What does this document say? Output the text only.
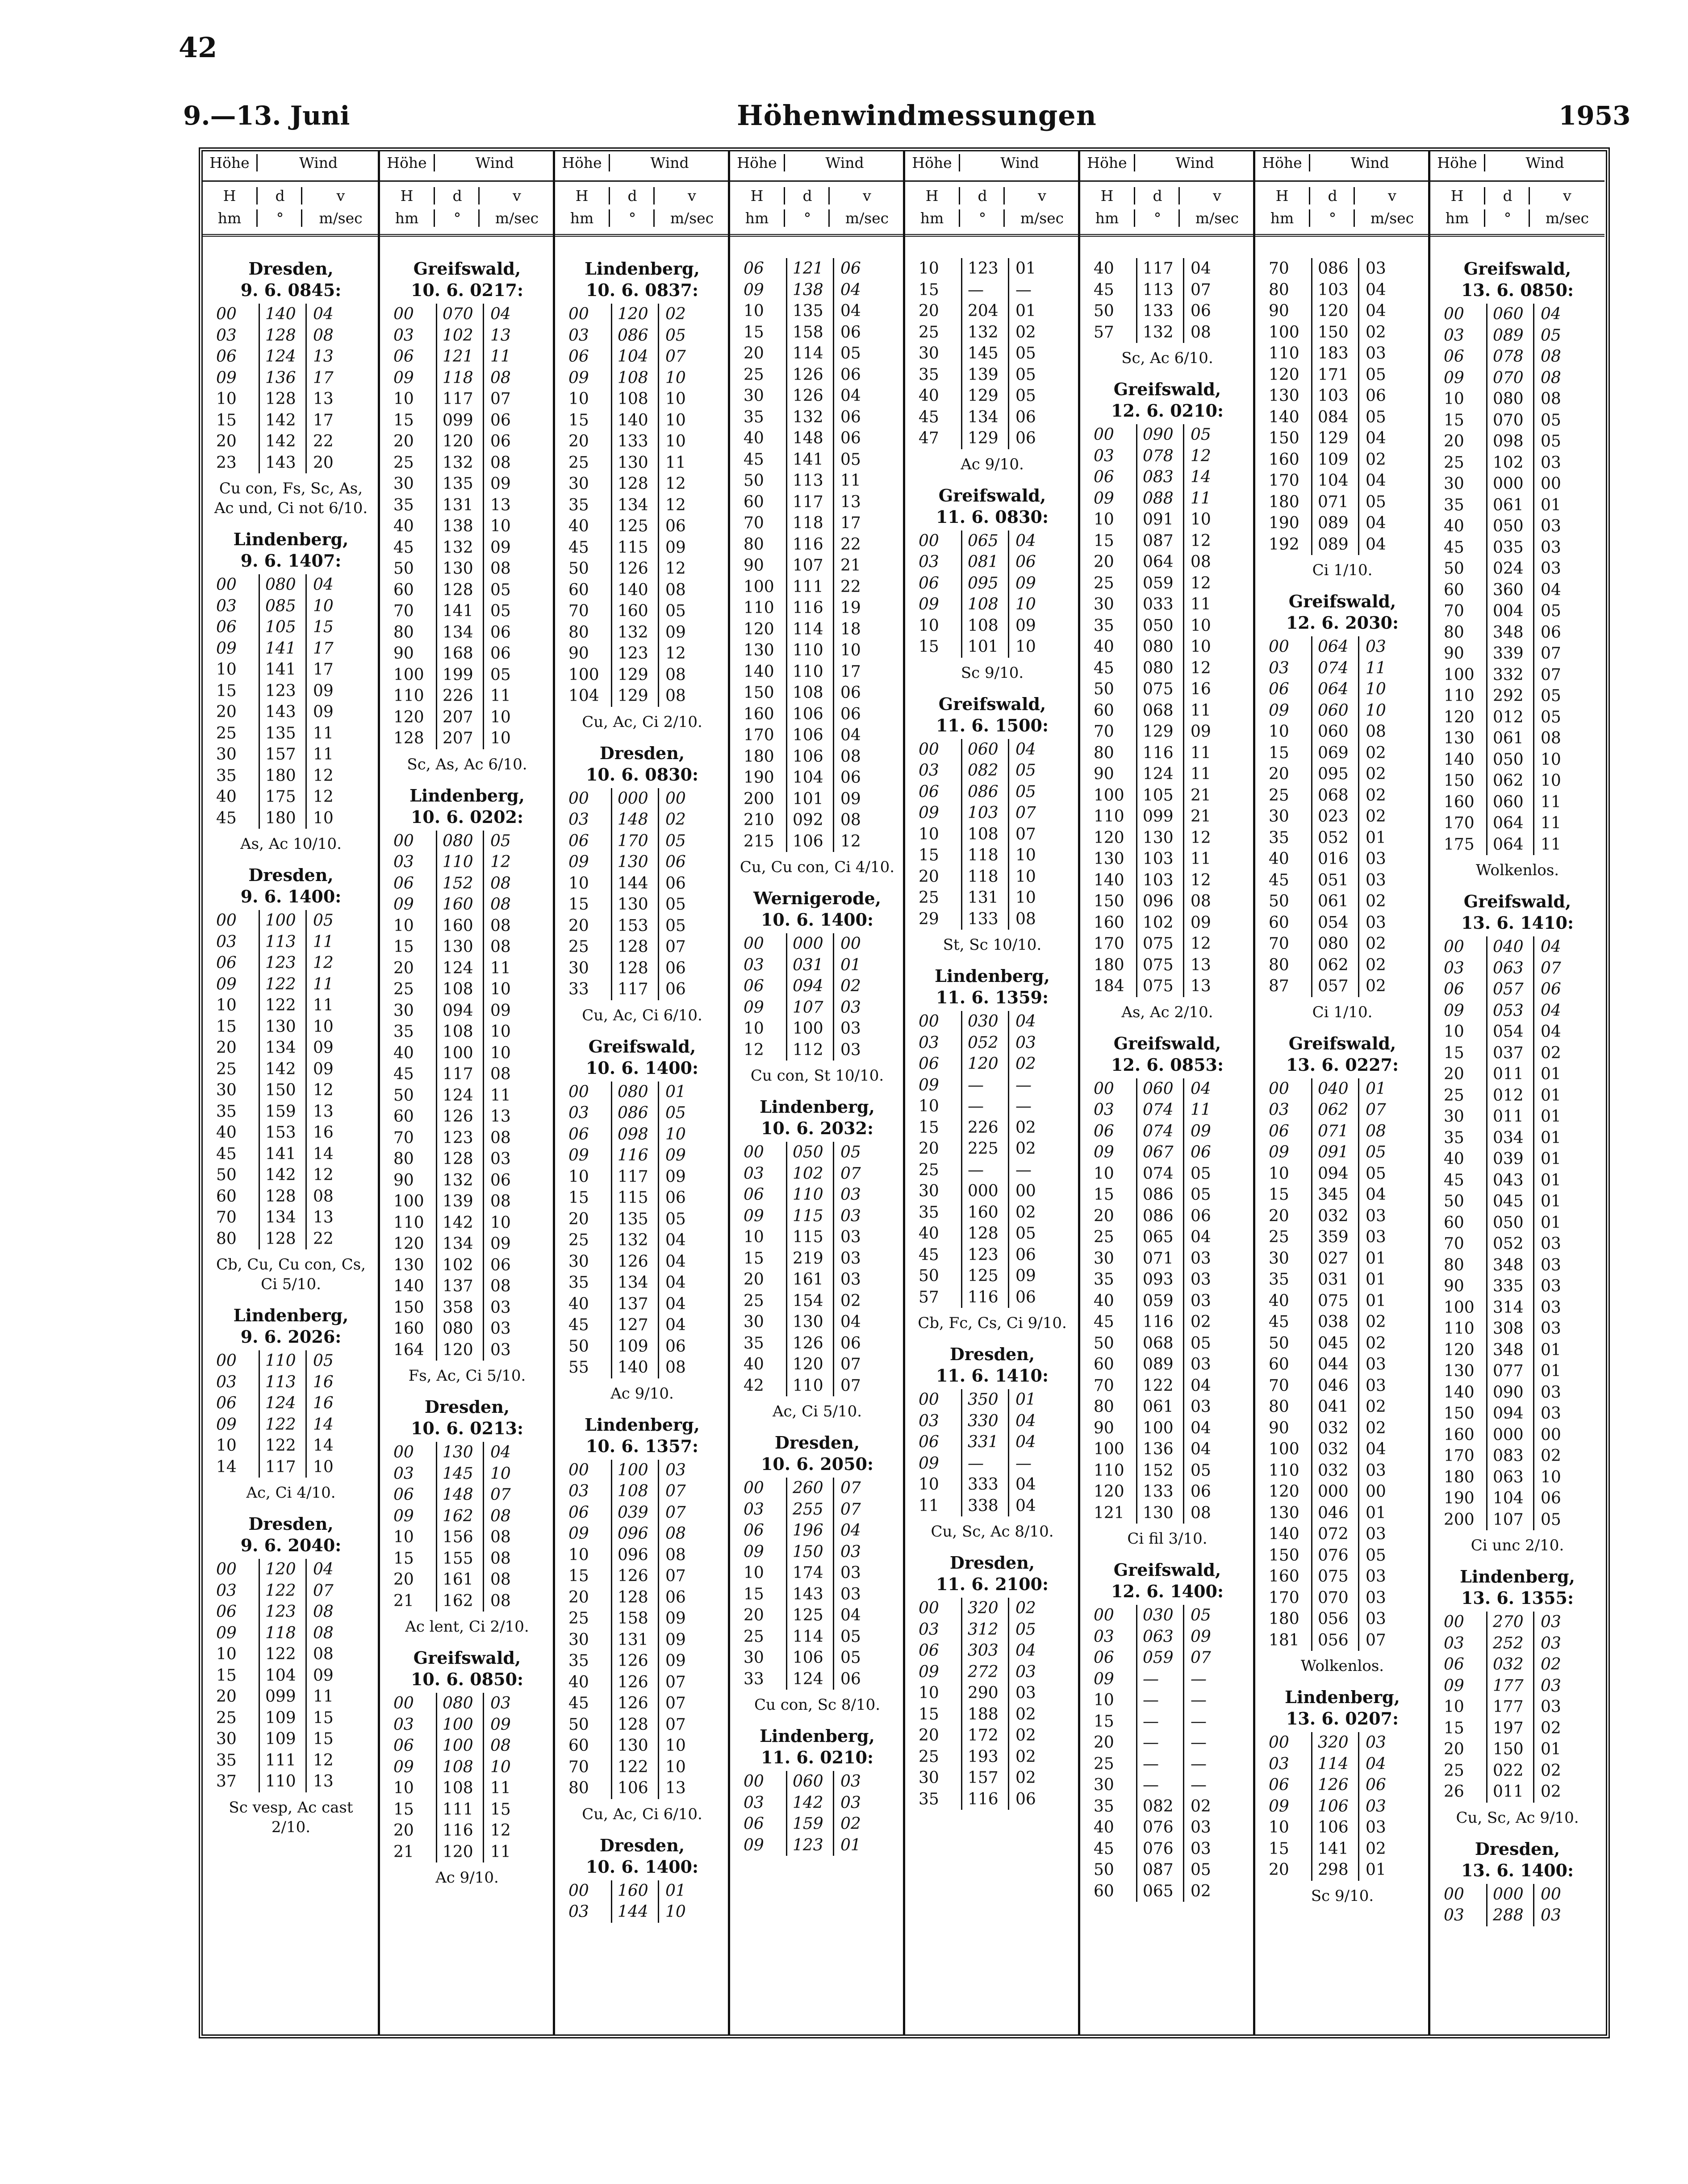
42
9.—13. Juni	Höhenwindmessungen	1953
Höhe	Wind
H	d	v
hm	°	m/sec
Dresden,
9. 6. 0845:
00	140	04
03	128	08
06	124	13
09	136	17
10	128	13
15	142	17
20	142	22
23	143	20
Cu con, Fs, Sc, As, Ac und, Ci not 6/10.
Lindenberg,
9. 6. 1407:
00	080	04
03	085	10
06	105	15
09	141	17
10	141	17
15	123	09
20	143	09
25	135	11
30	157	11
35	180	12
40	175	12
45	180	10
As, Ac 10/10.
Dresden,
9. 6. 1400:
00	100	05
03	113	11
06	123	12
09	122	11
10	122	11
15	130	10
20	134	09
25	142	09
30	150	12
35	159	13
40	153	16
45	141	14
50	142	12
60	128	08
70	134	13
80	128	22
Cb, Cu, Cu con, Cs, Ci 5/10.
Lindenberg,
9. 6. 2026:
00	110	05
03	113	16
06	124	16
09	122	14
10	122	14
14	117	10
Ac, Ci 4/10.
Dresden,
9. 6. 2040:
00	120	04
03	122	07
06	123	08
09	118	08
10	122	08
15	104	09
20	099	11
25	109	15
30	109	15
35	111	12
37	110	13
Sc vesp, Ac cast 2/10.
Höhe	Wind
H	d	v
hm	°	m/sec
Greifswald,
10. 6. 0217:
00	070	04
03	102	13
06	121	11
09	118	08
10	117	07
15	099	06
20	120	06
25	132	08
30	135	09
35	131	13
40	138	10
45	132	09
50	130	08
60	128	05
70	141	05
80	134	06
90	168	06
100	199	05
110	226	11
120	207	10
128	207	10
Sc, As, Ac 6/10.
Lindenberg,
10. 6. 0202:
00	080	05
03	110	12
06	152	08
09	160	08
10	160	08
15	130	08
20	124	11
25	108	10
30	094	09
35	108	10
40	100	10
45	117	08
50	124	11
60	126	13
70	123	08
80	128	03
90	132	06
100	139	08
110	142	10
120	134	09
130	102	06
140	137	08
150	358	03
160	080	03
164	120	03
Fs, Ac, Ci 5/10.
Dresden,
10. 6. 0213:
00	130	04
03	145	10
06	148	07
09	162	08
10	156	08
15	155	08
20	161	08
21	162	08
Ac lent, Ci 2/10.
Greifswald,
10. 6. 0850:
00	080	03
03	100	09
06	100	08
09	108	10
10	108	11
15	111	15
20	116	12
21	120	11
Ac 9/10.
Höhe	Wind
H	d	v
hm	°	m/sec
Lindenberg,
10. 6. 0837:
00	120	02
03	086	05
06	104	07
09	108	10
10	108	10
15	140	10
20	133	10
25	130	11
30	128	12
35	134	12
40	125	06
45	115	09
50	126	12
60	140	08
70	160	05
80	132	09
90	123	12
100	129	08
104	129	08
Cu, Ac, Ci 2/10.
Dresden,
10. 6. 0830:
00	000	00
03	148	02
06	170	05
09	130	06
10	144	06
15	130	05
20	153	05
25	128	07
30	128	06
33	117	06
Cu, Ac, Ci 6/10.
Greifswald,
10. 6. 1400:
00	080	01
03	086	05
06	098	10
09	116	09
10	117	09
15	115	06
20	135	05
25	132	04
30	126	04
35	134	04
40	137	04
45	127	04
50	109	06
55	140	08
Ac 9/10.
Lindenberg,
10. 6. 1357:
00	100	03
03	108	07
06	039	07
09	096	08
10	096	08
15	126	07
20	128	06
25	158	09
30	131	09
35	126	09
40	126	07
45	126	07
50	128	07
60	130	10
70	122	10
80	106	13
Cu, Ac, Ci 6/10.
Dresden,
10. 6. 1400:
00	160	01
03	144	10
Höhe	Wind
H	d	v
hm	°	m/sec
06	121	06
09	138	04
10	135	04
15	158	06
20	114	05
25	126	06
30	126	04
35	132	06
40	148	06
45	141	05
50	113	11
60	117	13
70	118	17
80	116	22
90	107	21
100	111	22
110	116	19
120	114	18
130	110	10
140	110	17
150	108	06
160	106	06
170	106	04
180	106	08
190	104	06
200	101	09
210	092	08
215	106	12
Cu, Cu con, Ci 4/10.
Wernigerode,
10. 6. 1400:
00	000	00
03	031	01
06	094	02
09	107	03
10	100	03
12	112	03
Cu con, St 10/10.
Lindenberg,
10. 6. 2032:
00	050	05
03	102	07
06	110	03
09	115	03
10	115	03
15	219	03
20	161	03
25	154	02
30	130	04
35	126	06
40	120	07
42	110	07
Ac, Ci 5/10.
Dresden,
10. 6. 2050:
00	260	07
03	255	07
06	196	04
09	150	03
10	174	03
15	143	03
20	125	04
25	114	05
30	106	05
33	124	06
Cu con, Sc 8/10.
Lindenberg,
11. 6. 0210:
00	060	03
03	142	03
06	159	02
09	123	01
Höhe	Wind
H	d	v
hm	°	m/sec
10	123	01
15	—	—
20	204	01
25	132	02
30	145	05
35	139	05
40	129	05
45	134	06
47	129	06
Ac 9/10.
Greifswald,
11. 6. 0830:
00	065	04
03	081	06
06	095	09
09	108	10
10	108	09
15	101	10
Sc 9/10.
Greifswald,
11. 6. 1500:
00	060	04
03	082	05
06	086	05
09	103	07
10	108	07
15	118	10
20	118	10
25	131	10
29	133	08
St, Sc 10/10.
Lindenberg,
11. 6. 1359:
00	030	04
03	052	03
06	120	02
09	—	—
10	—	—
15	226	02
20	225	02
25	—	—
30	000	00
35	160	02
40	128	05
45	123	06
50	125	09
57	116	06
Cb, Fc, Cs, Ci 9/10.
Dresden,
11. 6. 1410:
00	350	01
03	330	04
06	331	04
09	—	—
10	333	04
11	338	04
Cu, Sc, Ac 8/10.
Dresden,
11. 6. 2100:
00	320	02
03	312	05
06	303	04
09	272	03
10	290	03
15	188	02
20	172	02
25	193	02
30	157	02
35	116	06
Höhe	Wind
H	d	v
hm	°	m/sec
40	117	04
45	113	07
50	133	06
57	132	08
Sc, Ac 6/10.
Greifswald,
12. 6. 0210:
00	090	05
03	078	12
06	083	14
09	088	11
10	091	10
15	087	12
20	064	08
25	059	12
30	033	11
35	050	10
40	080	10
45	080	12
50	075	16
60	068	11
70	129	09
80	116	11
90	124	11
100	105	21
110	099	21
120	130	12
130	103	11
140	103	12
150	096	08
160	102	09
170	075	12
180	075	13
184	075	13
As, Ac 2/10.
Greifswald,
12. 6. 0853:
00	060	04
03	074	11
06	074	09
09	067	06
10	074	05
15	086	05
20	086	06
25	065	04
30	071	03
35	093	03
40	059	03
45	116	02
50	068	05
60	089	03
70	122	04
80	061	03
90	100	04
100	136	04
110	152	05
120	133	06
121	130	08
Ci fil 3/10.
Greifswald,
12. 6. 1400:
00	030	05
03	063	09
06	059	07
09	—	—
10	—	—
15	—	—
20	—	—
25	—	—
30	—	—
35	082	02
40	076	03
45	076	03
50	087	05
60	065	02
Höhe	Wind
H	d	v
hm	°	m/sec
70	086	03
80	103	04
90	120	04
100	150	02
110	183	03
120	171	05
130	103	06
140	084	05
150	129	04
160	109	02
170	104	04
180	071	05
190	089	04
192	089	04
Ci 1/10.
Greifswald,
12. 6. 2030:
00	064	03
03	074	11
06	064	10
09	060	10
10	060	08
15	069	02
20	095	02
25	068	02
30	023	02
35	052	01
40	016	03
45	051	03
50	061	02
60	054	03
70	080	02
80	062	02
87	057	02
Ci 1/10.
Greifswald,
13. 6. 0227:
00	040	01
03	062	07
06	071	08
09	091	05
10	094	05
15	345	04
20	032	03
25	359	03
30	027	01
35	031	01
40	075	01
45	038	02
50	045	02
60	044	03
70	046	03
80	041	02
90	032	02
100	032	04
110	032	03
120	000	00
130	046	01
140	072	03
150	076	05
160	075	03
170	070	03
180	056	03
181	056	07
Wolkenlos.
Lindenberg,
13. 6. 0207:
00	320	03
03	114	04
06	126	06
09	106	03
10	106	03
15	141	02
20	298	01
Sc 9/10.
Höhe	Wind
H	d	v
hm	°	m/sec
Greifswald,
13. 6. 0850:
00	060	04
03	089	05
06	078	08
09	070	08
10	080	08
15	070	05
20	098	05
25	102	03
30	000	00
35	061	01
40	050	03
45	035	03
50	024	03
60	360	04
70	004	05
80	348	06
90	339	07
100	332	07
110	292	05
120	012	05
130	061	08
140	050	10
150	062	10
160	060	11
170	064	11
175	064	11
Wolkenlos.
Greifswald,
13. 6. 1410:
00	040	04
03	063	07
06	057	06
09	053	04
10	054	04
15	037	02
20	011	01
25	012	01
30	011	01
35	034	01
40	039	01
45	043	01
50	045	01
60	050	01
70	052	03
80	348	03
90	335	03
100	314	03
110	308	03
120	348	01
130	077	01
140	090	03
150	094	03
160	000	00
170	083	02
180	063	10
190	104	06
200	107	05
Ci unc 2/10.
Lindenberg,
13. 6. 1355:
00	270	03
03	252	03
06	032	02
09	177	03
10	177	03
15	197	02
20	150	01
25	022	02
26	011	02
Cu, Sc, Ac 9/10.
Dresden,
13. 6. 1400:
00	000	00
03	288	03
